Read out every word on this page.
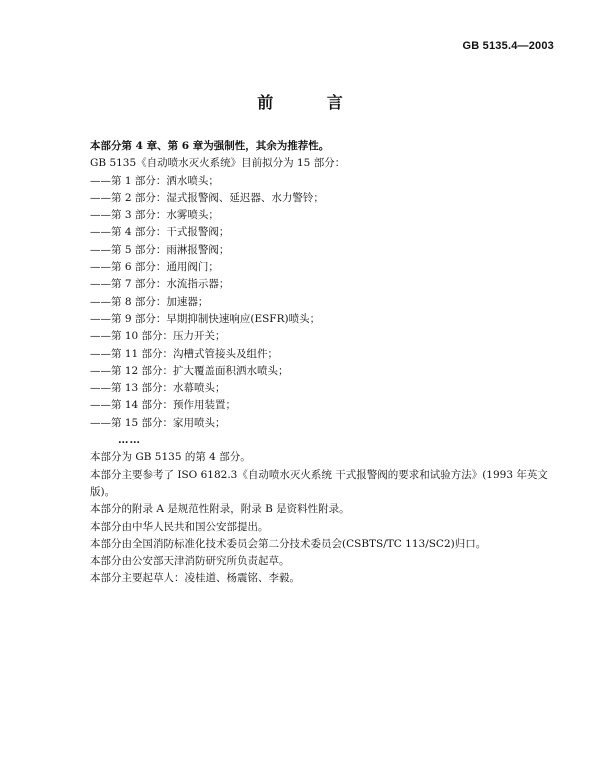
GB 5135.4—2003
前 言
本部分第 4 章、第 6 章为强制性，其余为推荐性。
GB 5135《自动喷水灭火系统》目前拟分为 15 部分：
——第 1 部分：洒水喷头；
——第 2 部分：湿式报警阀、延迟器、水力警铃；
——第 3 部分：水雾喷头；
——第 4 部分：干式报警阀；
——第 5 部分：雨淋报警阀；
——第 6 部分：通用阀门；
——第 7 部分：水流指示器；
——第 8 部分：加速器；
——第 9 部分：早期抑制快速响应(ESFR)喷头；
——第 10 部分：压力开关；
——第 11 部分：沟槽式管接头及组件；
——第 12 部分：扩大覆盖面积洒水喷头；
——第 13 部分：水幕喷头；
——第 14 部分：预作用装置；
——第 15 部分：家用喷头；
……
本部分为 GB 5135 的第 4 部分。
本部分主要参考了 ISO 6182.3《自动喷水灭火系统 干式报警阀的要求和试验方法》(1993 年英文版)。
本部分的附录 A 是规范性附录，附录 B 是资料性附录。
本部分由中华人民共和国公安部提出。
本部分由全国消防标准化技术委员会第二分技术委员会(CSBTS/TC 113/SC2)归口。
本部分由公安部天津消防研究所负责起草。
本部分主要起草人：凌桂道、杨震铭、李毅。
